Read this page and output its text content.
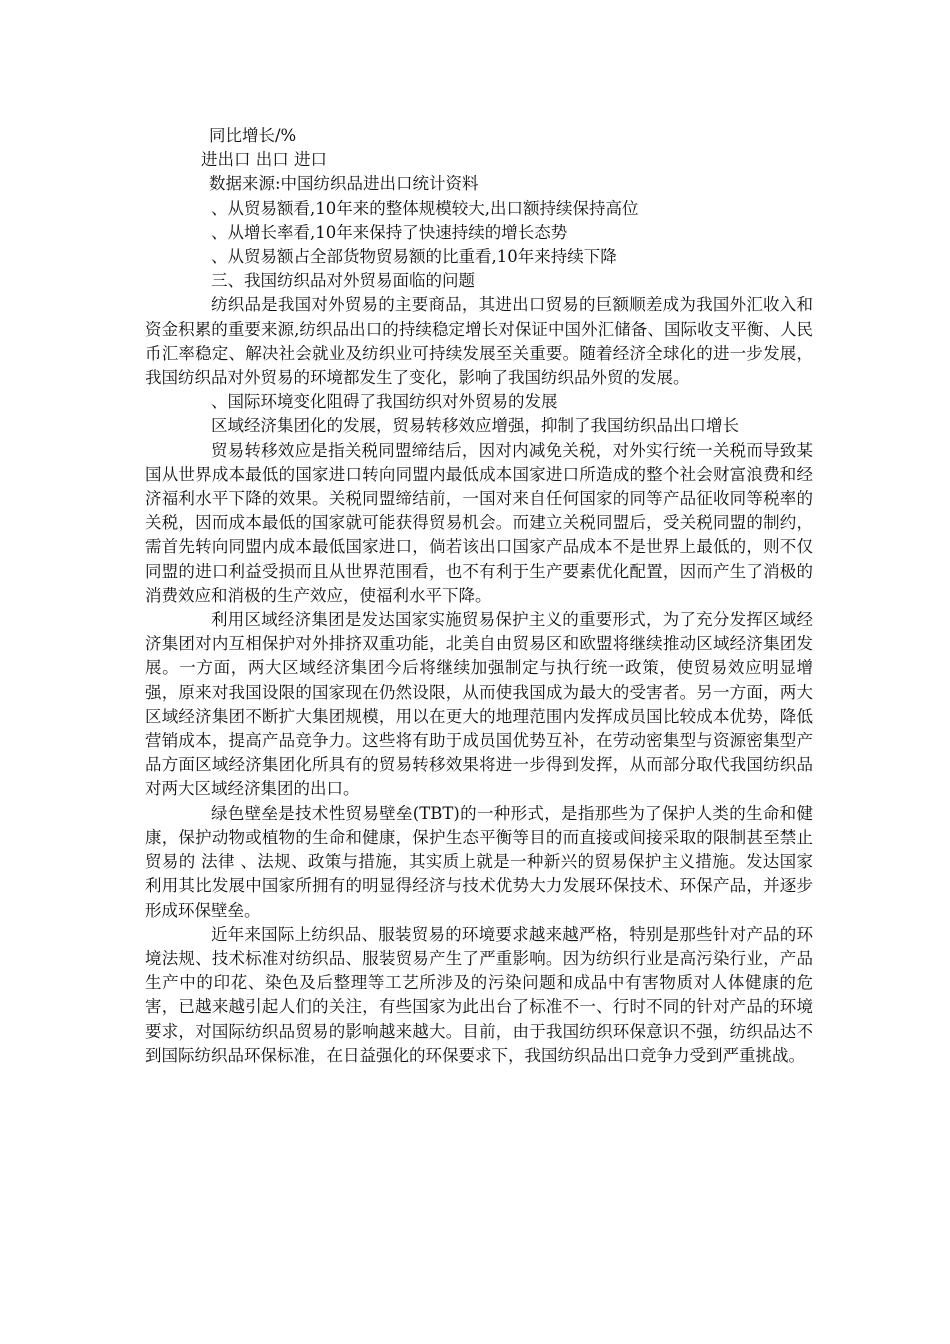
同比增长/%
进出口 出口 进口
数据来源:中国纺织品进出口统计资料
、从贸易额看,10年来的整体规模较大,出口额持续保持高位
、从增长率看,10年来保持了快速持续的增长态势
、从贸易额占全部货物贸易额的比重看,10年来持续下降
三、我国纺织品对外贸易面临的问题

纺织品是我国对外贸易的主要商品，其进出口贸易的巨额顺差成为我国外汇收入和资金积累的重要来源,纺织品出口的持续稳定增长对保证中国外汇储备、国际收支平衡、人民币汇率稳定、解决社会就业及纺织业可持续发展至关重要。随着经济全球化的进一步发展，我国纺织品对外贸易的环境都发生了变化，影响了我国纺织品外贸的发展。

、国际环境变化阻碍了我国纺织对外贸易的发展

区域经济集团化的发展，贸易转移效应增强，抑制了我国纺织品出口增长

贸易转移效应是指关税同盟缔结后，因对内减免关税，对外实行统一关税而导致某国从世界成本最低的国家进口转向同盟内最低成本国家进口所造成的整个社会财富浪费和经济福利水平下降的效果。关税同盟缔结前，一国对来自任何国家的同等产品征收同等税率的关税，因而成本最低的国家就可能获得贸易机会。而建立关税同盟后，受关税同盟的制约，需首先转向同盟内成本最低国家进口，倘若该出口国家产品成本不是世界上最低的，则不仅同盟的进口利益受损而且从世界范围看，也不有利于生产要素优化配置，因而产生了消极的消费效应和消极的生产效应，使福利水平下降。

利用区域经济集团是发达国家实施贸易保护主义的重要形式，为了充分发挥区域经济集团对内互相保护对外排挤双重功能，北美自由贸易区和欧盟将继续推动区域经济集团发展。一方面，两大区域经济集团今后将继续加强制定与执行统一政策，使贸易效应明显增强，原来对我国设限的国家现在仍然设限，从而使我国成为最大的受害者。另一方面，两大区域经济集团不断扩大集团规模，用以在更大的地理范围内发挥成员国比较成本优势，降低营销成本，提高产品竞争力。这些将有助于成员国优势互补，在劳动密集型与资源密集型产品方面区域经济集团化所具有的贸易转移效果将进一步得到发挥，从而部分取代我国纺织品对两大区域经济集团的出口。

绿色壁垒是技术性贸易壁垒(TBT)的一种形式，是指那些为了保护人类的生命和健康，保护动物或植物的生命和健康，保护生态平衡等目的而直接或间接采取的限制甚至禁止贸易的 法律 、法规、政策与措施，其实质上就是一种新兴的贸易保护主义措施。发达国家利用其比发展中国家所拥有的明显得经济与技术优势大力发展环保技术、环保产品，并逐步形成环保壁垒。

近年来国际上纺织品、服装贸易的环境要求越来越严格，特别是那些针对产品的环境法规、技术标准对纺织品、服装贸易产生了严重影响。因为纺织行业是高污染行业，产品生产中的印花、染色及后整理等工艺所涉及的污染问题和成品中有害物质对人体健康的危害，已越来越引起人们的关注，有些国家为此出台了标准不一、行时不同的针对产品的环境要求，对国际纺织品贸易的影响越来越大。目前，由于我国纺织环保意识不强，纺织品达不到国际纺织品环保标准，在日益强化的环保要求下，我国纺织品出口竞争力受到严重挑战。
